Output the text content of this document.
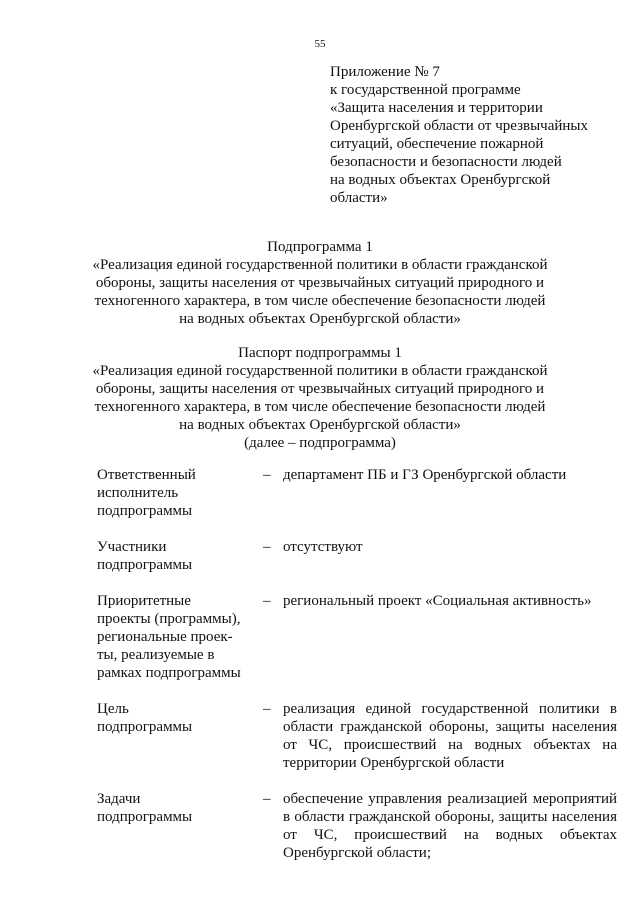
55
Приложение № 7
к государственной программе
«Защита населения и территории
Оренбургской области от чрезвычайных
ситуаций, обеспечение пожарной
безопасности и безопасности людей
на водных объектах Оренбургской
области»
Подпрограмма 1
«Реализация единой государственной политики в области гражданской
обороны, защиты населения от чрезвычайных ситуаций природного и
техногенного характера, в том числе обеспечение безопасности людей
на водных объектах Оренбургской области»
Паспорт подпрограммы 1
«Реализация единой государственной политики в области гражданской
обороны, защиты населения от чрезвычайных ситуаций природного и
техногенного характера, в том числе обеспечение безопасности людей
на водных объектах Оренбургской области»
(далее – подпрограмма)
Ответственный
исполнитель
подпрограммы
– департамент ПБ и ГЗ Оренбургской области
Участники
подпрограммы
– отсутствуют
Приоритетные
проекты (программы),
региональные проек-
ты, реализуемые в
рамках подпрограммы
– региональный проект «Социальная активность»
Цель
подпрограммы
– реализация единой государственной политики в области гражданской обороны, защиты населения от ЧС, происшествий на водных объектах на территории Оренбургской области
Задачи
подпрограммы
– обеспечение управления реализацией мероприятий в области гражданской обороны, защиты населения от ЧС, происшествий на водных объектах Оренбургской области;
